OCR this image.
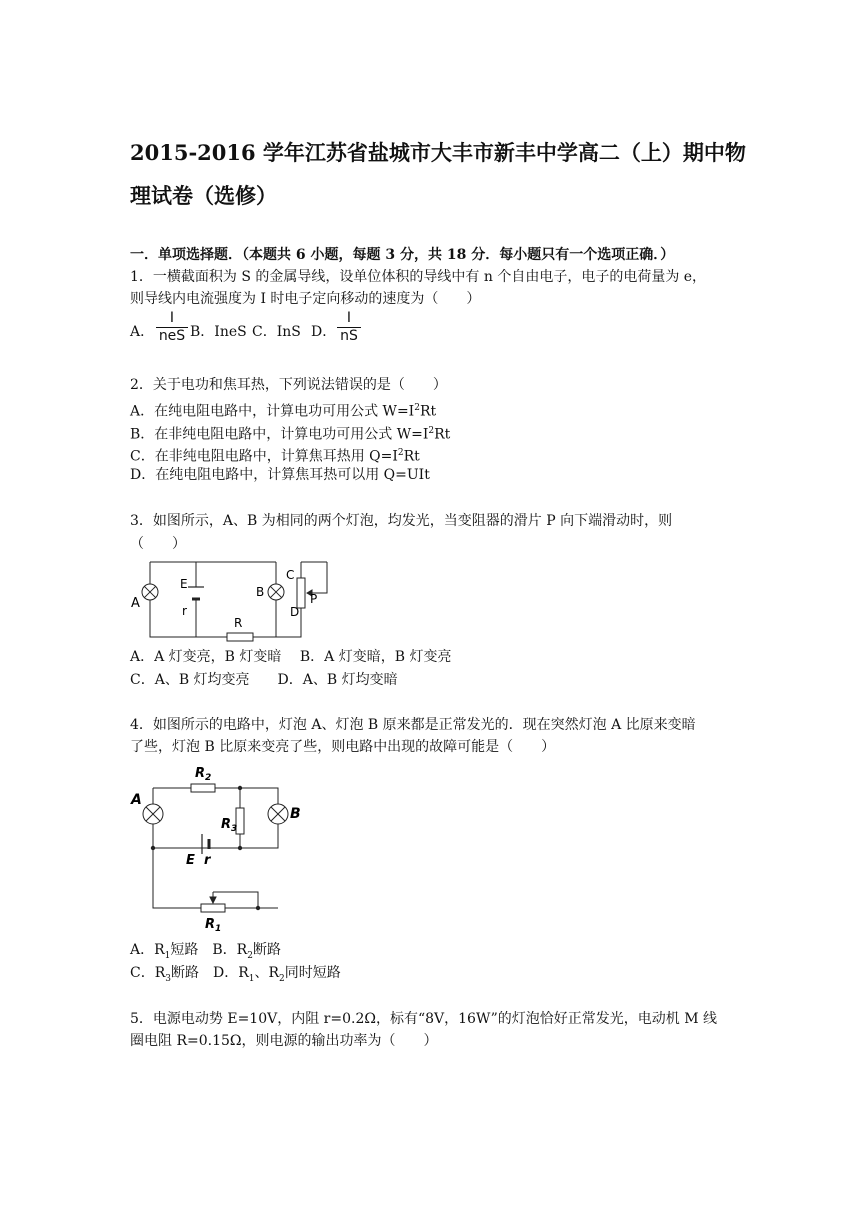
2015-2016 学年江苏省盐城市大丰市新丰中学高二（上）期中物
理试卷（选修）
一．单项选择题．（本题共 6 小题，每题 3 分，共 18 分．每小题只有一个选项正确．）
1．一横截面积为 S 的金属导线，设单位体积的导线中有 n 个自由电子，电子的电荷量为 e，
则导线内电流强度为 I 时电子定向移动的速度为（　　）
A．
I
neS B．IneS C．InS D．
I
nS
2．关于电功和焦耳热，下列说法错误的是（　　）
A．在纯电阻电路中，计算电功可用公式 $W=I^2Rt$
B．在非纯电阻电路中，计算电功可用公式 $W=I^2Rt$
C．在非纯电阻电路中，计算焦耳热用 $Q=I^2Rt$
D．在纯电阻电路中，计算焦耳热可以用 Q=UIt
3．如图所示，A、B 为相同的两个灯泡，均发光，当变阻器的滑片 P 向下端滑动时，则
（　　）
A
E
r
B
C
D
P
R
A．A 灯变亮，B 灯变暗　 B．A 灯变暗，B 灯变亮
C．A、B 灯均变亮　　D．A、B 灯均变暗
4．如图所示的电路中，灯泡 A、灯泡 B 原来都是正常发光的．现在突然灯泡 A 比原来变暗
了些，灯泡 B 比原来变亮了些，则电路中出现的故障可能是（　　）
A
B
$R_2$
$R_3$
E r
$R_1$
A．$R_1$短路　 B．$R_2$断路
C．$R_3$断路　 D．$R_1$、$R_2$同时短路
5．电源电动势 E=10V，内阻 r=0.2Ω，标有“8V，16W”的灯泡恰好正常发光，电动机 M 线
圈电阻 R=0.15Ω，则电源的输出功率为（　　）
